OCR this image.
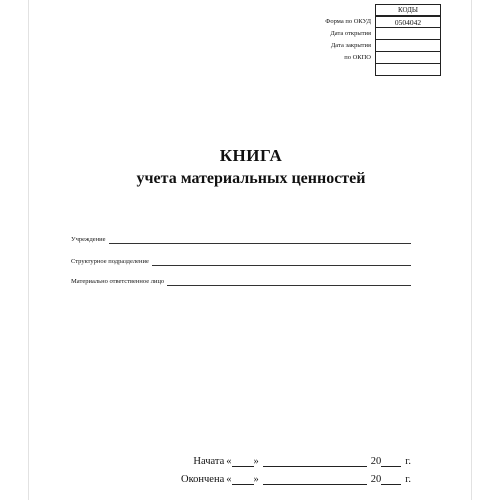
КОДЫ
Форма по ОКУД	0504042
Дата открытия
Дата закрытия
по ОКПО
КНИГА
учета материальных ценностей
Учреждение
Структурное подразделение
Материально ответственное лицо
Начата « »	20 г.
Окончена « »	20 г.
